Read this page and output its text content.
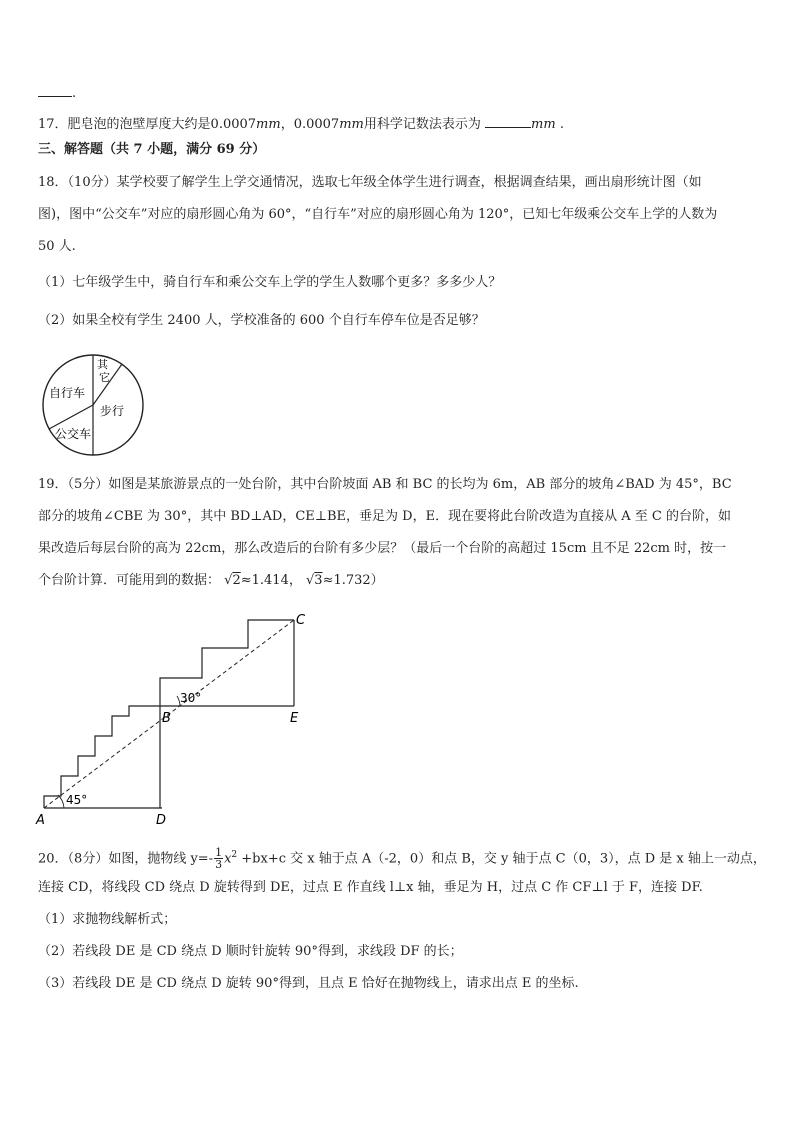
.
17．肥皂泡的泡壁厚度大约是0.0007mm，0.0007mm用科学记数法表示为	mm .
三、解答题（共 7 小题，满分 69 分）
18．（10分）某学校要了解学生上学交通情况，选取七年级全体学生进行调查，根据调查结果，画出扇形统计图（如
图)，图中“公交车”对应的扇形圆心角为 60°，“自行车”对应的扇形圆心角为 120°，已知七年级乘公交车上学的人数为
50 人.
（1）七年级学生中，骑自行车和乘公交车上学的学生人数哪个更多？多多少人？
（2）如果全校有学生 2400 人，学校准备的 600 个自行车停车位是否足够？
其
它
自行车
步行
公交车
19．（5分）如图是某旅游景点的一处台阶，其中台阶坡面 AB 和 BC 的长均为 6m，AB 部分的坡角∠BAD 为 45°，BC
部分的坡角∠CBE 为 30°，其中 BD⊥AD，CE⊥BE，垂足为 D，E．现在要将此台阶改造为直接从 A 至 C 的台阶，如
果改造后每层台阶的高为 22cm，那么改造后的台阶有多少层？（最后一个台阶的高超过 15cm 且不足 22cm 时，按一
个台阶计算．可能用到的数据： √2≈1.414， √3≈1.732）
45°
30°
A
B
C
D
E
20．（8分）如图，抛物线 $y=- \frac{1}{3} x^2 +bx+c$ 交 x 轴于点 A（-2，0）和点 B，交 y 轴于点 C（0，3），点 D 是 x 轴上一动点，
连接 CD，将线段 CD 绕点 D 旋转得到 DE，过点 E 作直线 l⊥x 轴，垂足为 H，过点 C 作 CF⊥l 于 F，连接 DF.
（1）求抛物线解析式；
（2）若线段 DE 是 CD 绕点 D 顺时针旋转 90°得到，求线段 DF 的长；
（3）若线段 DE 是 CD 绕点 D 旋转 90°得到，且点 E 恰好在抛物线上，请求出点 E 的坐标.
